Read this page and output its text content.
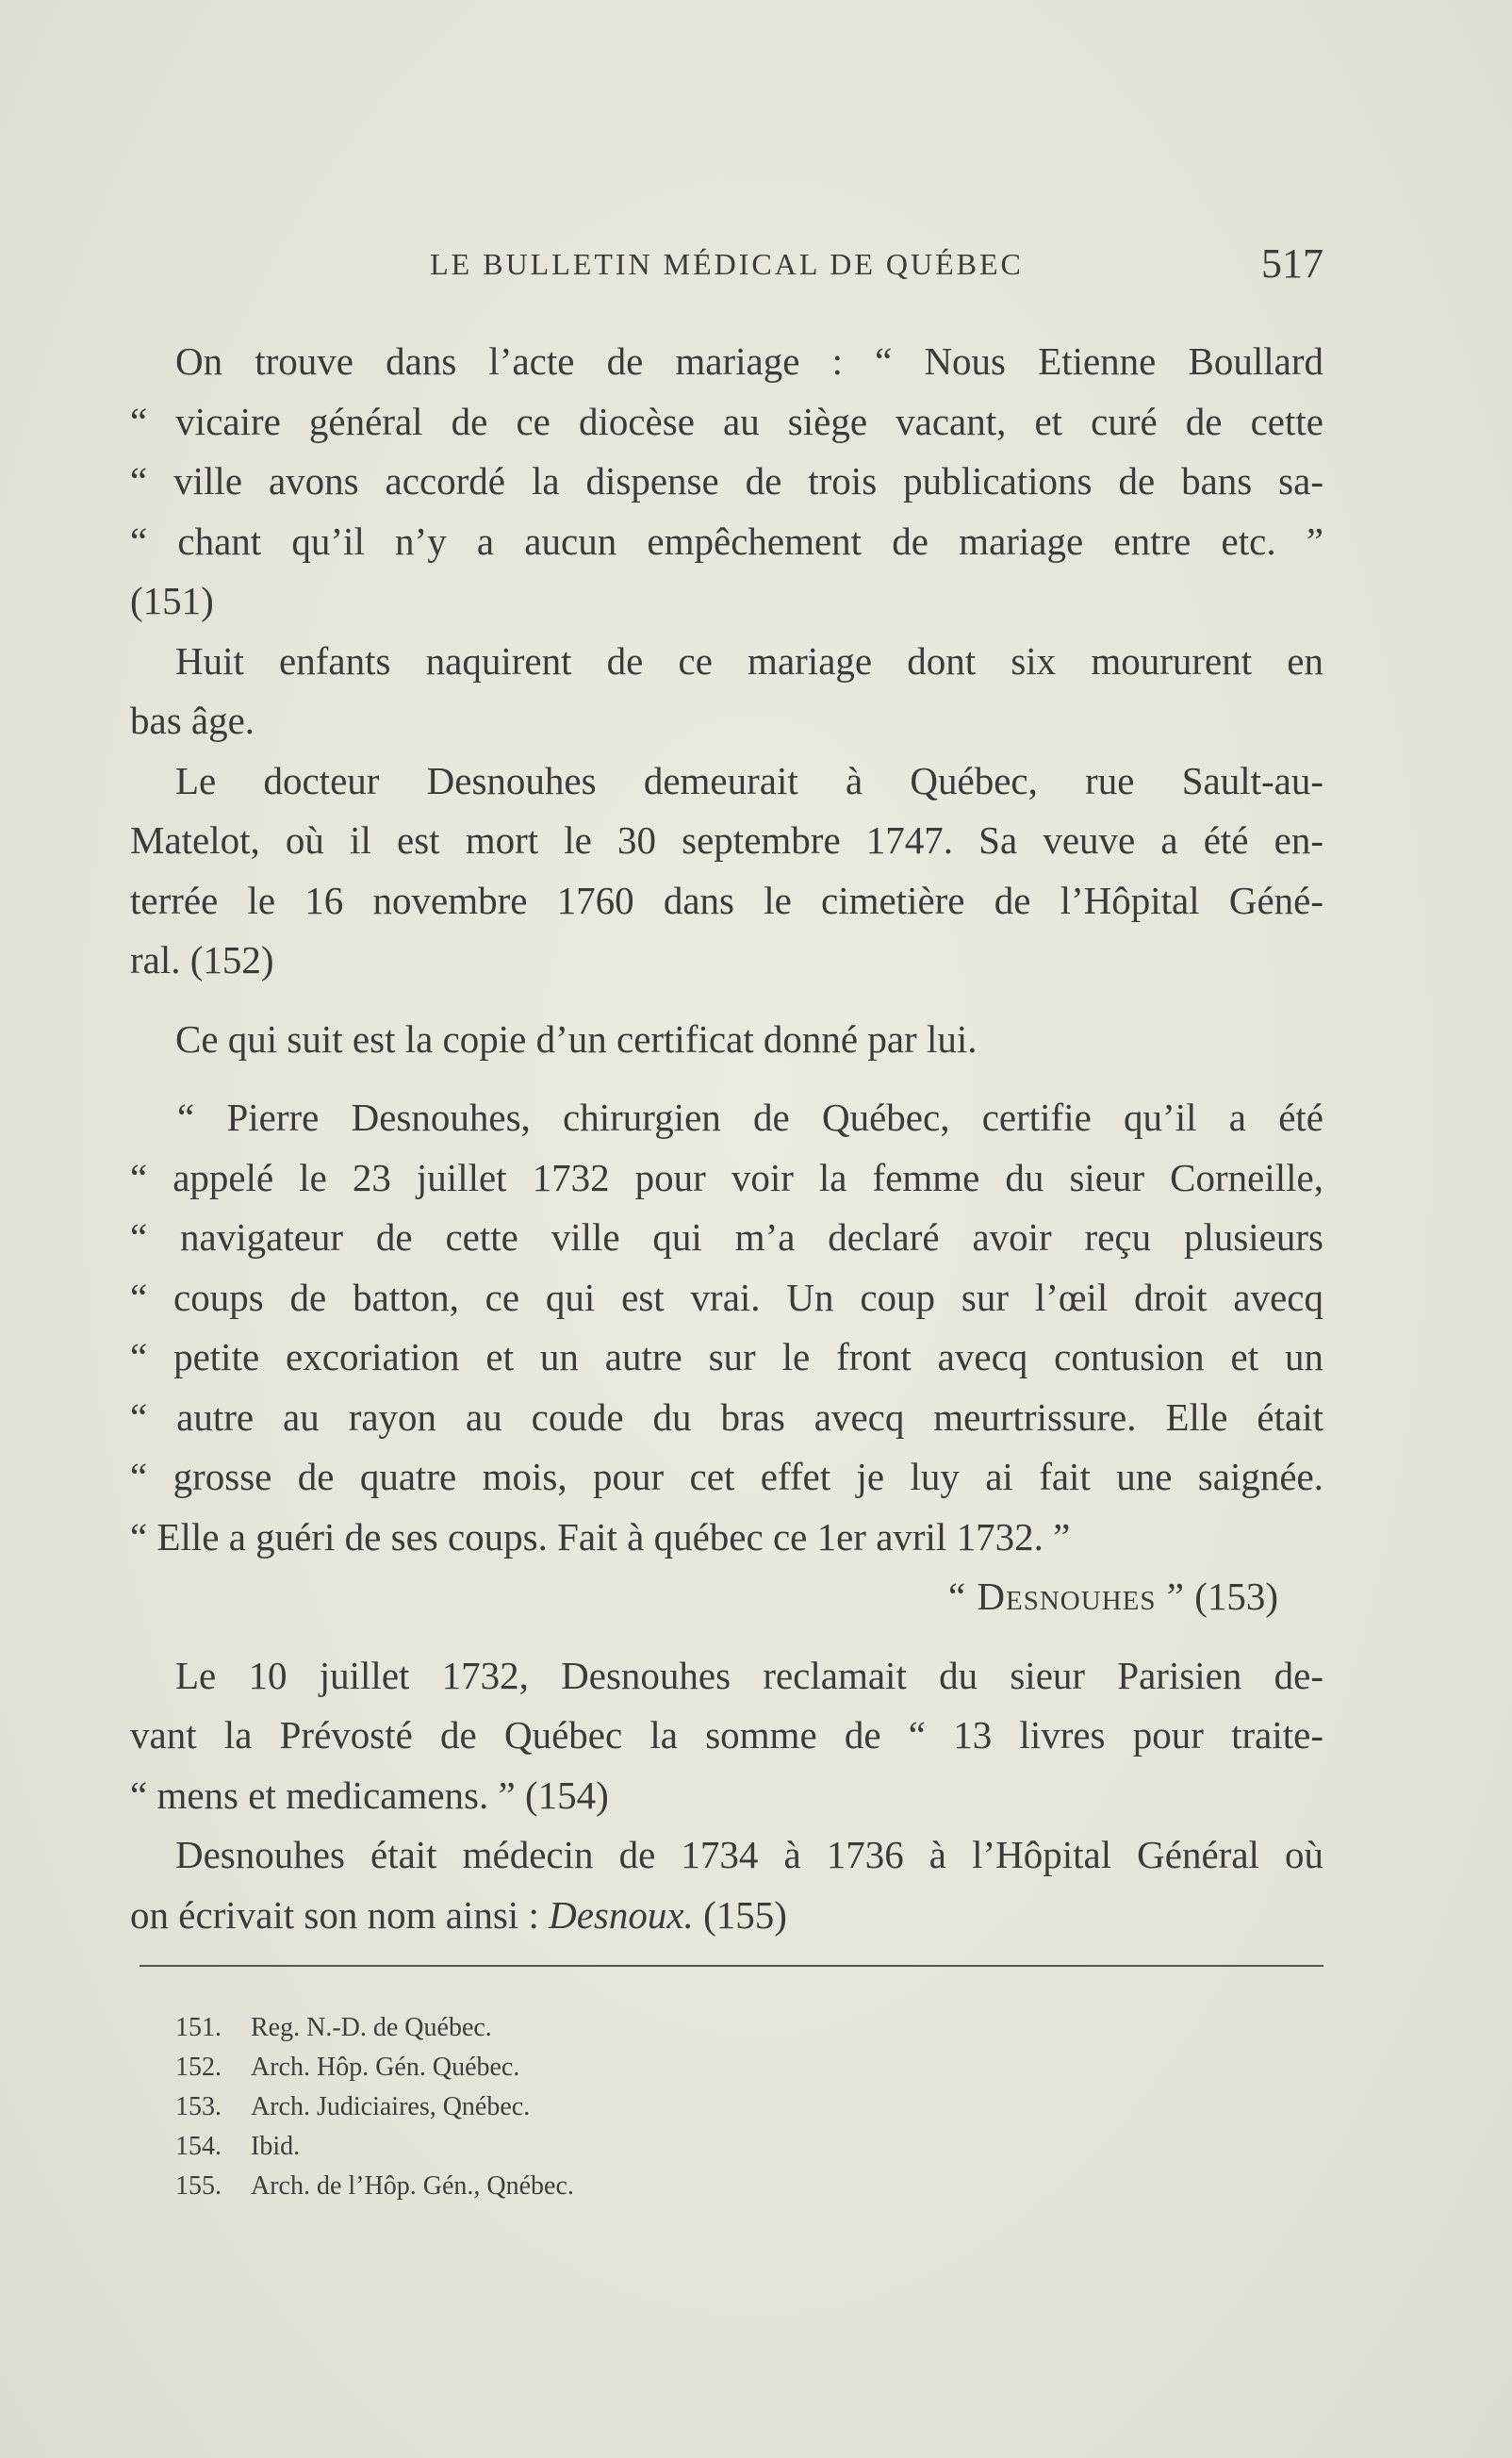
LE BULLETIN MÉDICAL DE QUÉBEC	517
On trouve dans l’acte de mariage : “ Nous Etienne Boullard
“ vicaire général de ce diocèse au siège vacant, et curé de cette
“ ville avons accordé la dispense de trois publications de bans sa-
“ chant qu’il n’y a aucun empêchement de mariage entre etc. ”
(151)
Huit enfants naquirent de ce mariage dont six moururent en
bas âge.
Le docteur Desnouhes demeurait à Québec, rue Sault-au-
Matelot, où il est mort le 30 septembre 1747. Sa veuve a été en-
terrée le 16 novembre 1760 dans le cimetière de l’Hôpital Géné-
ral. (152)
Ce qui suit est la copie d’un certificat donné par lui.
“ Pierre Desnouhes, chirurgien de Québec, certifie qu’il a été
“ appelé le 23 juillet 1732 pour voir la femme du sieur Corneille,
“ navigateur de cette ville qui m’a declaré avoir reçu plusieurs
“ coups de batton, ce qui est vrai. Un coup sur l’œil droit avecq
“ petite excoriation et un autre sur le front avecq contusion et un
“ autre au rayon au coude du bras avecq meurtrissure. Elle était
“ grosse de quatre mois, pour cet effet je luy ai fait une saignée.
“ Elle a guéri de ses coups. Fait à québec ce 1er avril 1732. ”
“ Desnouhes ” (153)
Le 10 juillet 1732, Desnouhes reclamait du sieur Parisien de-
vant la Prévosté de Québec la somme de “ 13 livres pour traite-
“ mens et medicamens. ” (154)
Desnouhes était médecin de 1734 à 1736 à l’Hôpital Général où
on écrivait son nom ainsi : Desnoux. (155)
151. Reg. N.-D. de Québec.
152. Arch. Hôp. Gén. Québec.
153. Arch. Judiciaires, Qnébec.
154. Ibid.
155. Arch. de l’Hôp. Gén., Qnébec.
